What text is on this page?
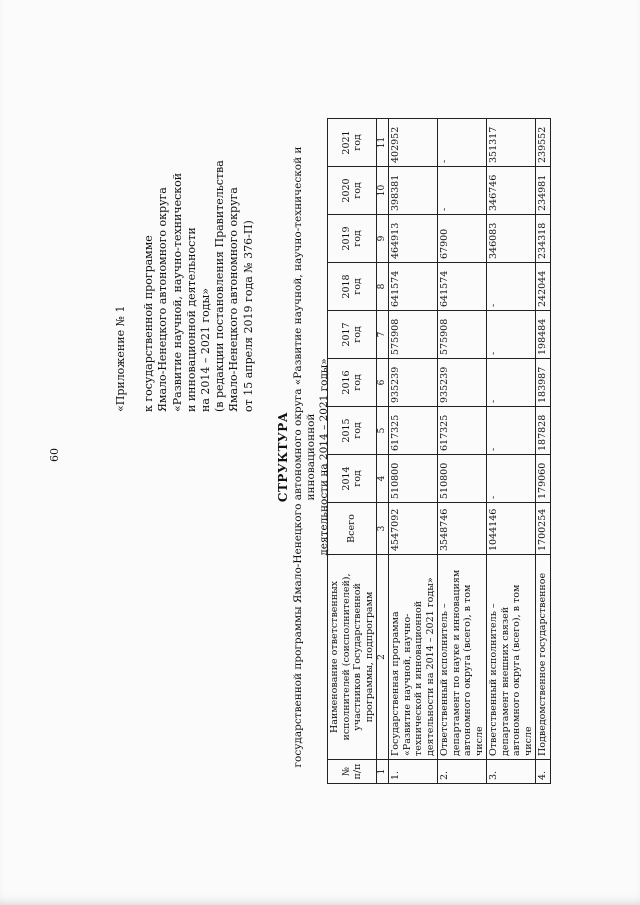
60
«Приложение № 1 к государственной программе Ямало-Ненецкого автономного округа «Развитие научной, научно-технической и инновационной деятельности на 2014 – 2021 годы» (в редакции постановления Правительства Ямало-Ненецкого автономного округа от 15 апреля 2019 года № 376-П)
СТРУКТУРА государственной программы Ямало-Ненецкого автономного округа «Развитие научной, научно-технической и инновационной деятельности на 2014 – 2021 годы»
№ п/п	Наименование ответственных исполнителей (соисполнителей), участников Государственной программы, подпрограмм	Всего	2014 год	2015 год	2016 год	2017 год	2018 год	2019 год	2020 год	2021 год
1	2	3	4	5	6	7	8	9	10	11
1.	Государственная программа «Развитие научной, научно-технической и инновационной деятельности на 2014 – 2021 годы»	4547092	510800	617325	935239	575908	641574	464913	398381	402952
2.	Ответственный исполнитель – департамент по науке и инновациям автономного округа (всего), в том числе	3548746	510800	617325	935239	575908	641574	67900	-	-
3.	Ответственный исполнитель – департамент внешних связей автономного округа (всего), в том числе	1044146	-	-	-	-	-	346083	346746	351317
4.	Подведомственное государственное	1700254	179060	187828	183987	198484	242044	234318	234981	239552
